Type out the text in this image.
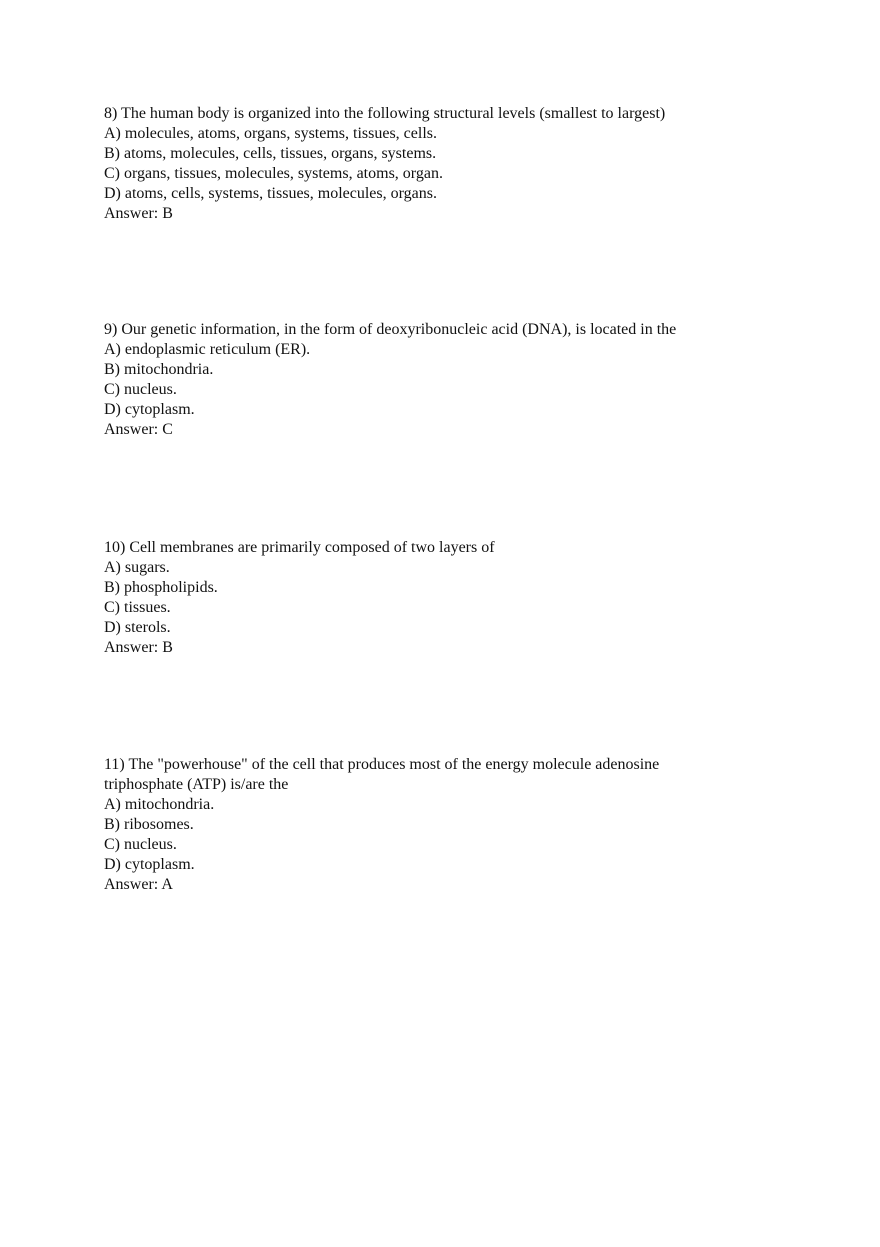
8) The human body is organized into the following structural levels (smallest to largest)
A) molecules, atoms, organs, systems, tissues, cells.
B) atoms, molecules, cells, tissues, organs, systems.
C) organs, tissues, molecules, systems, atoms, organ.
D) atoms, cells, systems, tissues, molecules, organs.
Answer: B
9) Our genetic information, in the form of deoxyribonucleic acid (DNA), is located in the
A) endoplasmic reticulum (ER).
B) mitochondria.
C) nucleus.
D) cytoplasm.
Answer: C
10) Cell membranes are primarily composed of two layers of
A) sugars.
B) phospholipids.
C) tissues.
D) sterols.
Answer: B
11) The "powerhouse" of the cell that produces most of the energy molecule adenosine
triphosphate (ATP) is/are the
A) mitochondria.
B) ribosomes.
C) nucleus.
D) cytoplasm.
Answer: A
